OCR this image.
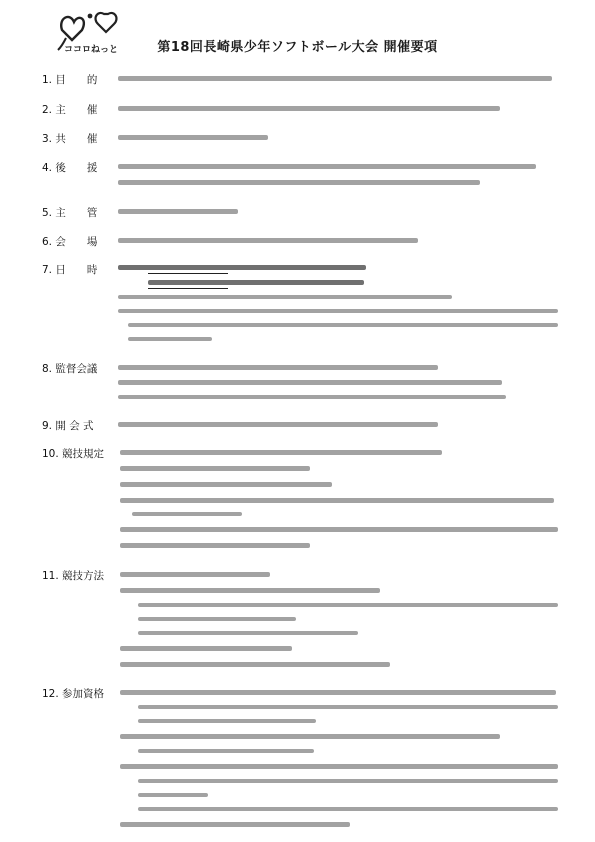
ココロねっと	第18回長崎県少年ソフトボール大会 開催要項
1. 目　　的
2. 主　　催
3. 共　　催
4. 後　　援
5. 主　　管
6. 会　　場
7. 日　　時
8. 監督会議
9. 開 会 式
10. 競技規定
11. 競技方法
12. 参加資格
